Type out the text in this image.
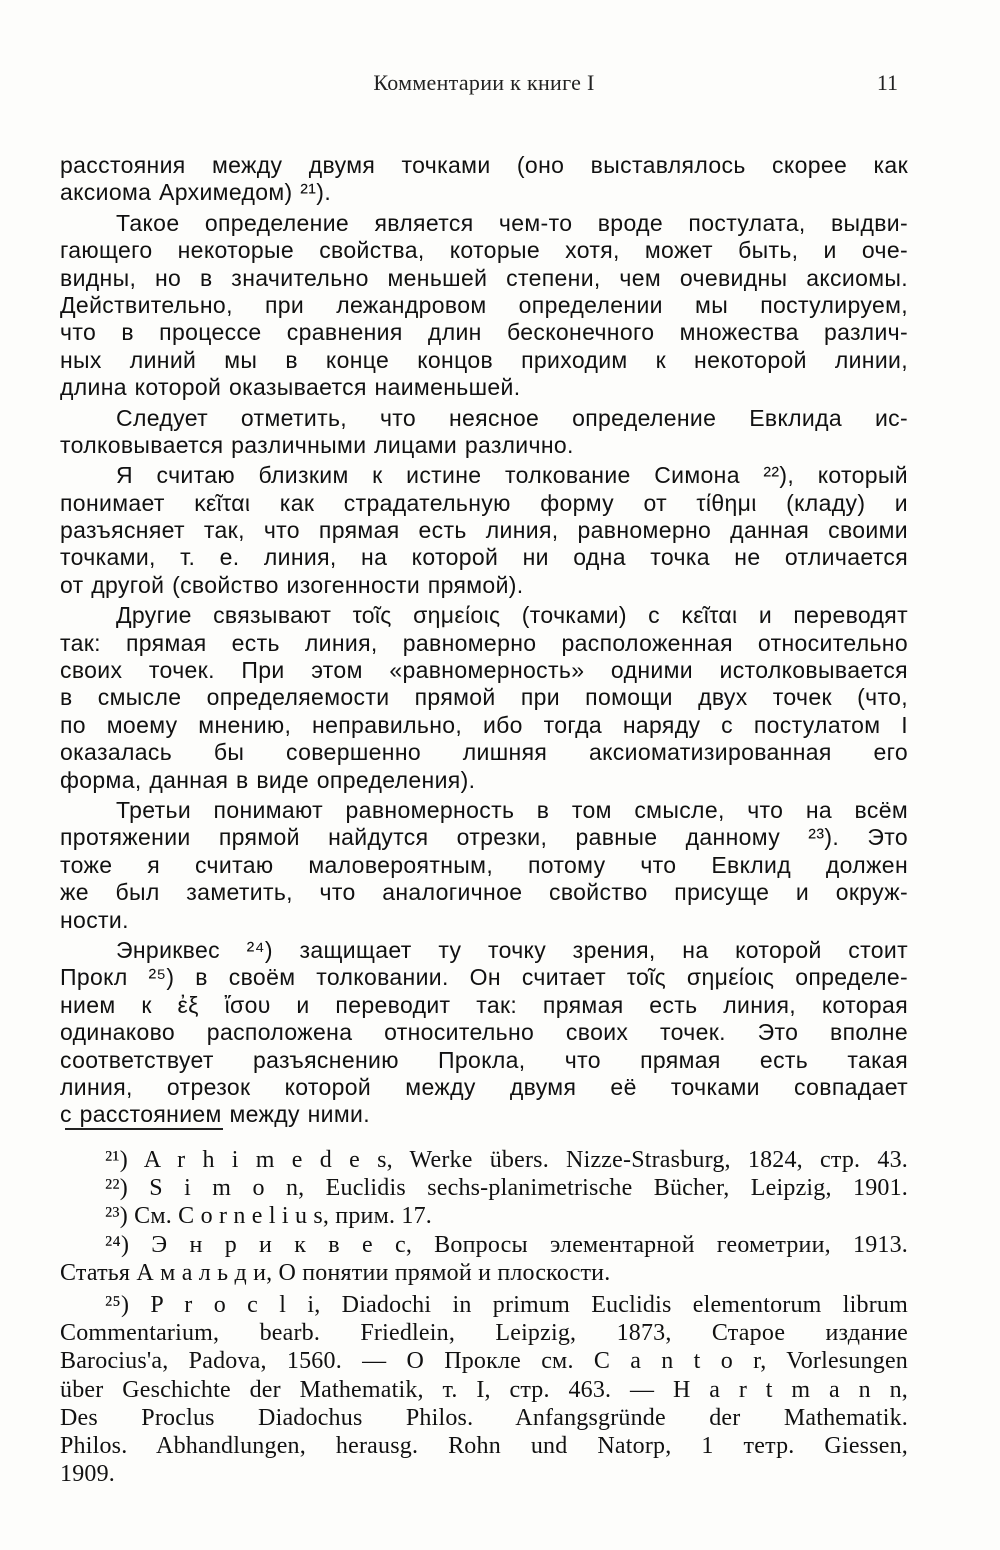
Комментарии к книге I	11
расстояния между двумя точками (оно выставлялось скорее как
аксиома Архимедом) ²¹).
Такое определение является чем-то вроде постулата, выдви-
гающего некоторые свойства, которые хотя, может быть, и оче-
видны, но в значительно меньшей степени, чем очевидны аксиомы.
Действительно, при лежандровом определении мы постулируем,
что в процессе сравнения длин бесконечного множества различ-
ных линий мы в конце концов приходим к некоторой линии,
длина которой оказывается наименьшей.
Следует отметить, что неясное определение Евклида ис-
толковывается различными лицами различно.
Я считаю близким к истине толкование Симона ²²), который
понимает κεῖται как страдательную форму от τίθημι (кладу) и
разъясняет так, что прямая есть линия, равномерно данная своими
точками, т. е. линия, на которой ни одна точка не отличается
от другой (свойство изогенности прямой).
Другие связывают τοῖς σημείοις (точками) с κεῖται и переводят
так: прямая есть линия, равномерно расположенная относительно
своих точек. При этом «равномерность» одними истолковывается
в смысле определяемости прямой при помощи двух точек (что,
по моему мнению, неправильно, ибо тогда наряду с постулатом I
оказалась бы совершенно лишняя аксиоматизированная его
форма, данная в виде определения).
Третьи понимают равномерность в том смысле, что на всём
протяжении прямой найдутся отрезки, равные данному ²³). Это
тоже я считаю маловероятным, потому что Евклид должен
же был заметить, что аналогичное свойство присуще и окруж-
ности.
Энриквес ²⁴) защищает ту точку зрения, на которой стоит
Прокл ²⁵) в своём толковании. Он считает τοῖς σημείοις определе-
нием к ἐξ ἴσου и переводит так: прямая есть линия, которая
одинаково расположена относительно своих точек. Это вполне
соответствует разъяснению Прокла, что прямая есть такая
линия, отрезок которой между двумя её точками совпадает
с расстоянием между ними.
²¹) A r h i m e d e s, Werke übers. Nizze-Strasburg, 1824, стр. 43.
²²) S i m o n, Euclidis sechs-planimetrische Bücher, Leipzig, 1901.
²³) См. C o r n e l i u s, прим. 17.
²⁴) Э н р и к в е с, Вопросы элементарной геометрии, 1913.
Статья А м а л ь д и, О понятии прямой и плоскости.
²⁵) P r o c l i, Diadochi in primum Euclidis elementorum librum
Commentarium, bearb. Friedlein, Leipzig, 1873, Старое издание
Barocius'a, Padova, 1560. — О Прокле см. C a n t o r, Vorlesungen
über Geschichte der Mathematik, т. I, стр. 463. — H a r t m a n n,
Des Proclus Diadochus Philos. Anfangsgründe der Mathematik.
Philos. Abhandlungen, herausg. Rohn und Natorp, 1 тетр. Giessen,
1909.
